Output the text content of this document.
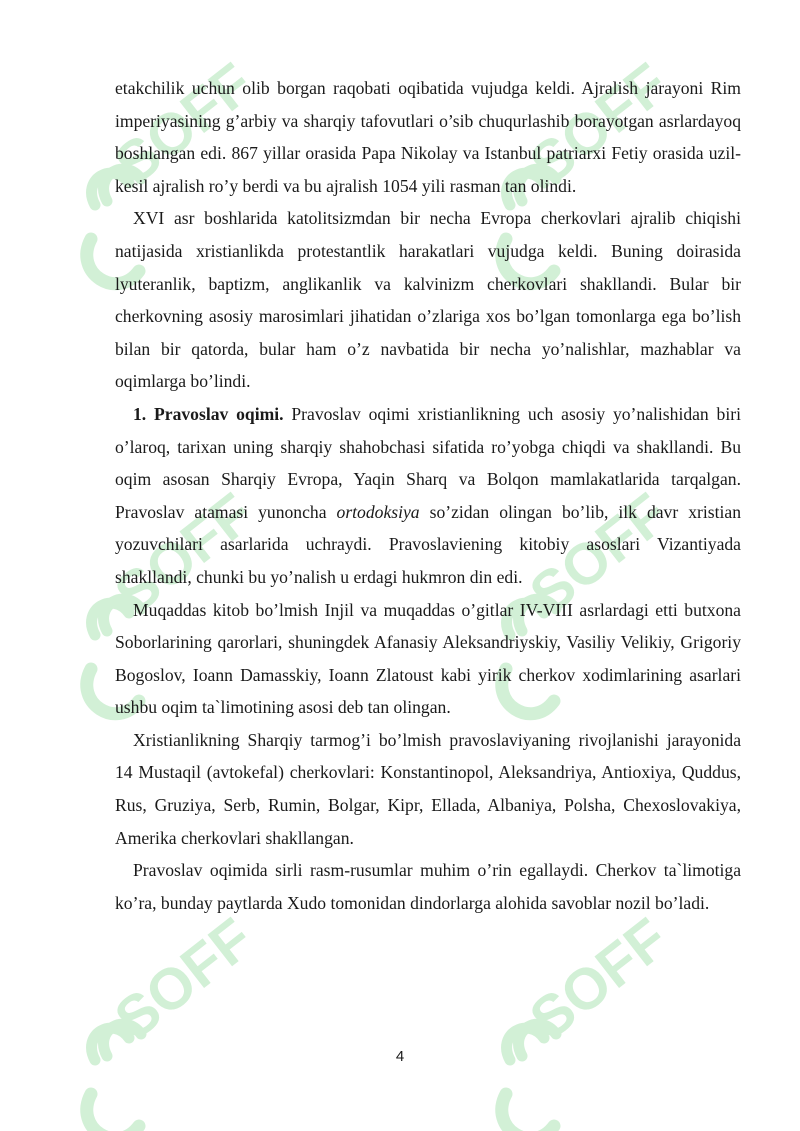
etakchilik uchun olib borgan raqobati oqibatida vujudga keldi. Ajralish jarayoni Rim imperiyasining g’arbiy va sharqiy tafovutlari o’sib chuqurlashib borayotgan asrlardayoq boshlangan edi. 867 yillar orasida Papa Nikolay va Istanbul patriarxi Fetiy orasida uzil-kesil ajralish ro’y berdi va bu ajralish 1054 yili rasman tan olindi.

XVI asr boshlarida katolitsizmdan bir necha Evropa cherkovlari ajralib chiqishi natijasida xristianlikda protestantlik harakatlari vujudga keldi. Buning doirasida lyuteranlik, baptizm, anglikanlik va kalvinizm cherkovlari shakllandi. Bular bir cherkovning asosiy marosimlari jihatidan o’zlariga xos bo’lgan tomonlarga ega bo’lish bilan bir qatorda, bular ham o’z navbatida bir necha yo’nalishlar, mazhablar va oqimlarga bo’lindi.

1. Pravoslav oqimi. Pravoslav oqimi xristianlikning uch asosiy yo’nalishidan biri o’laroq, tarixan uning sharqiy shahobchasi sifatida ro’yobga chiqdi va shakllandi. Bu oqim asosan Sharqiy Evropa, Yaqin Sharq va Bolqon mamlakatlarida tarqalgan. Pravoslav atamasi yunoncha ortodoksiya so’zidan olingan bo’lib, ilk davr xristian yozuvchilari asarlarida uchraydi. Pravoslaviening kitobiy asoslari Vizantiyada shakllandi, chunki bu yo’nalish u erdagi hukmron din edi.

Muqaddas kitob bo’lmish Injil va muqaddas o’gitlar IV-VIII asrlardagi etti butxona Soborlarining qarorlari, shuningdek Afanasiy Aleksandriyskiy, Vasiliy Velikiy, Grigoriy Bogoslov, Ioann Damasskiy, Ioann Zlatoust kabi yirik cherkov xodimlarining asarlari ushbu oqim ta`limotining asosi deb tan olingan.

Xristianlikning Sharqiy tarmog’i bo’lmish pravoslaviyaning rivojlanishi jarayonida 14 Mustaqil (avtokefal) cherkovlari: Konstantinopol, Aleksandriya, Antioxiya, Quddus, Rus, Gruziya, Serb, Rumin, Bolgar, Kipr, Ellada, Albaniya, Polsha, Chexoslovakiya, Amerika cherkovlari shakllangan.

Pravoslav oqimida sirli rasm-rusumlar muhim o’rin egallaydi. Cherkov ta`limotiga ko’ra, bunday paytlarda Xudo tomonidan dindorlarga alohida savoblar nozil bo’ladi.

4
